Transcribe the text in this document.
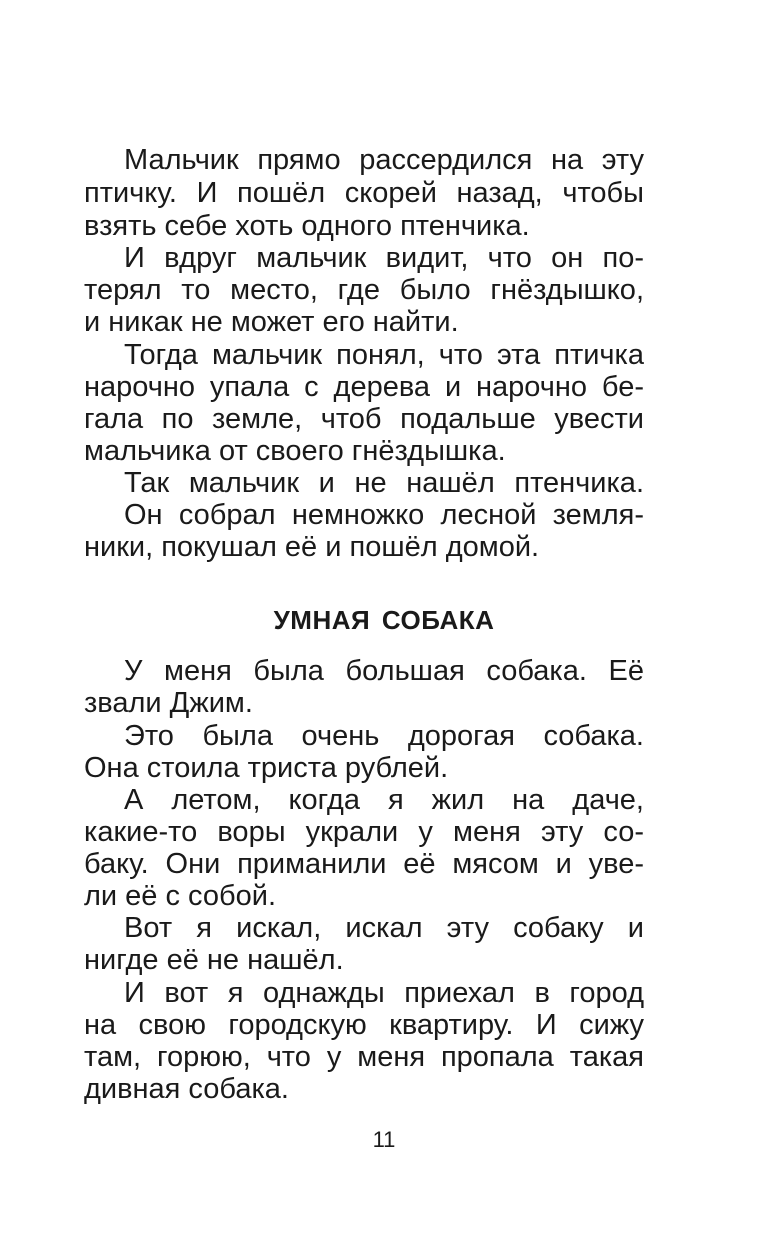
Мальчик прямо рассердился на эту
птичку. И пошёл скорей назад, чтобы
взять себе хоть одного птенчика.
И вдруг мальчик видит, что он по-
терял то место, где было гнёздышко,
и никак не может его найти.
Тогда мальчик понял, что эта птичка
нарочно упала с дерева и нарочно бе-
гала по земле, чтоб подальше увести
мальчика от своего гнёздышка.
Так мальчик и не нашёл птенчика.
Он собрал немножко лесной земля-
ники, покушал её и пошёл домой.
УМНАЯ СОБАКА
У меня была большая собака. Её
звали Джим.
Это была очень дорогая собака.
Она стоила триста рублей.
А летом, когда я жил на даче,
какие-то воры украли у меня эту со-
баку. Они приманили её мясом и уве-
ли её с собой.
Вот я искал, искал эту собаку и
нигде её не нашёл.
И вот я однажды приехал в город
на свою городскую квартиру. И сижу
там, горюю, что у меня пропала такая
дивная собака.
11
